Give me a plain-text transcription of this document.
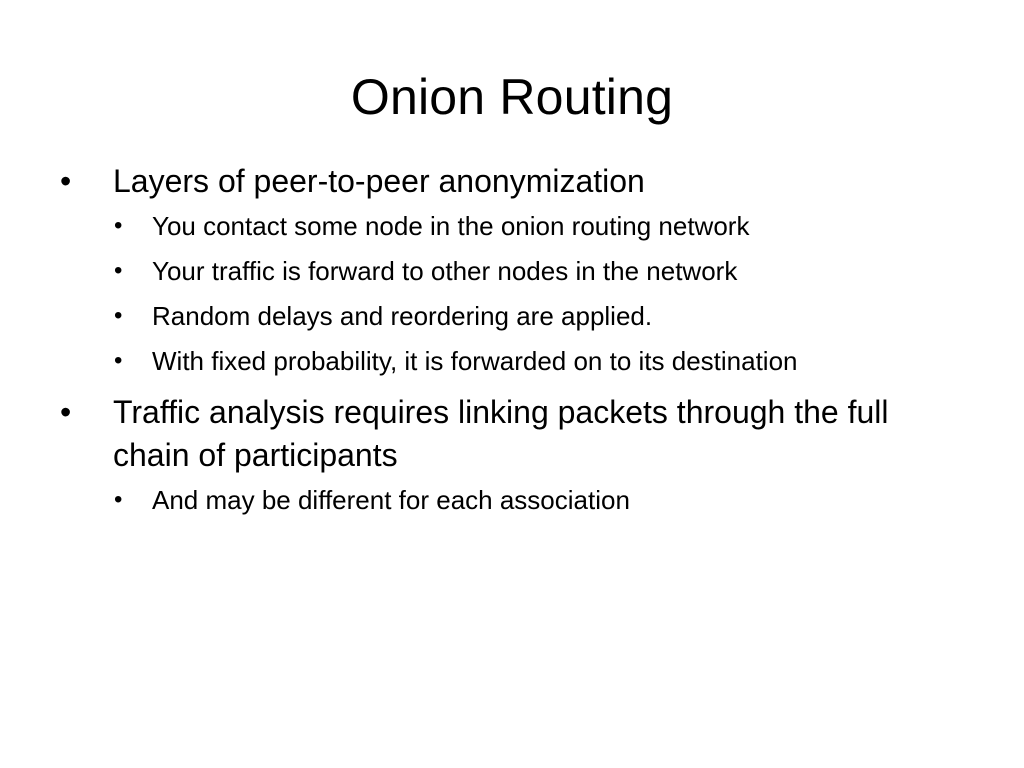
Onion Routing
• Layers of peer-to-peer anonymization
• You contact some node in the onion routing network
• Your traffic is forward to other nodes in the network
• Random delays and reordering are applied.
• With fixed probability, it is forwarded on to its destination
• Traffic analysis requires linking packets through the full chain of participants
• And may be different for each association
